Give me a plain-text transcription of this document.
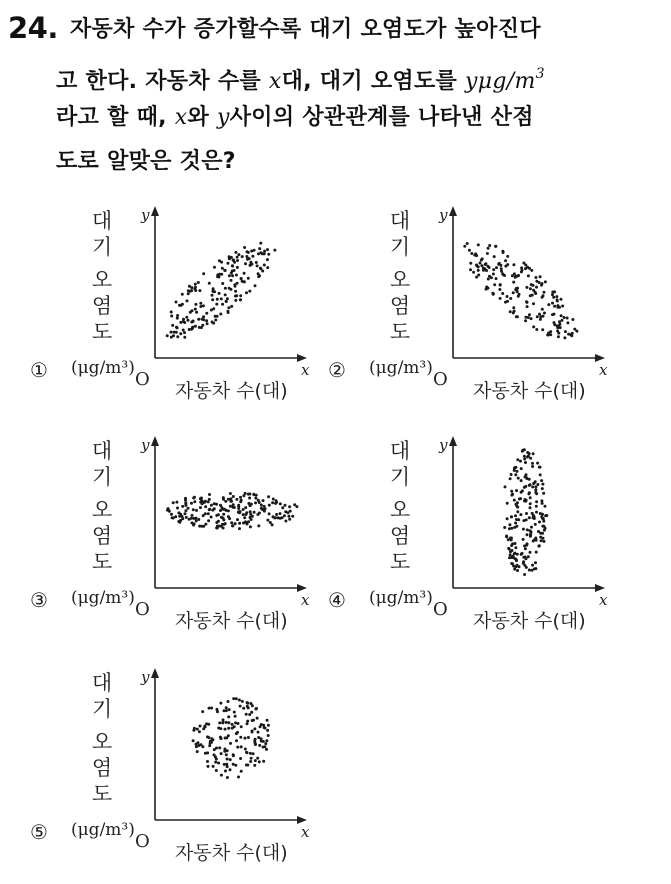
24. 자동차 수가 증가할수록 대기 오염도가 높아진다
고 한다. 자동차 수를 x대, 대기 오염도를 yμg/$m^3$
라고 할 때, x와 y사이의 상관관계를 나타낸 산점
도로 알맞은 것은?
y
x
O
①
대
기
오
염
도
(μg/m³)
자동차 수(대)
y
x
O
②
대
기
오
염
도
(μg/m³)
자동차 수(대)
y
x
O
③
대
기
오
염
도
(μg/m³)
자동차 수(대)
y
x
O
④
대
기
오
염
도
(μg/m³)
자동차 수(대)
y
x
O
⑤
대
기
오
염
도
(μg/m³)
자동차 수(대)
